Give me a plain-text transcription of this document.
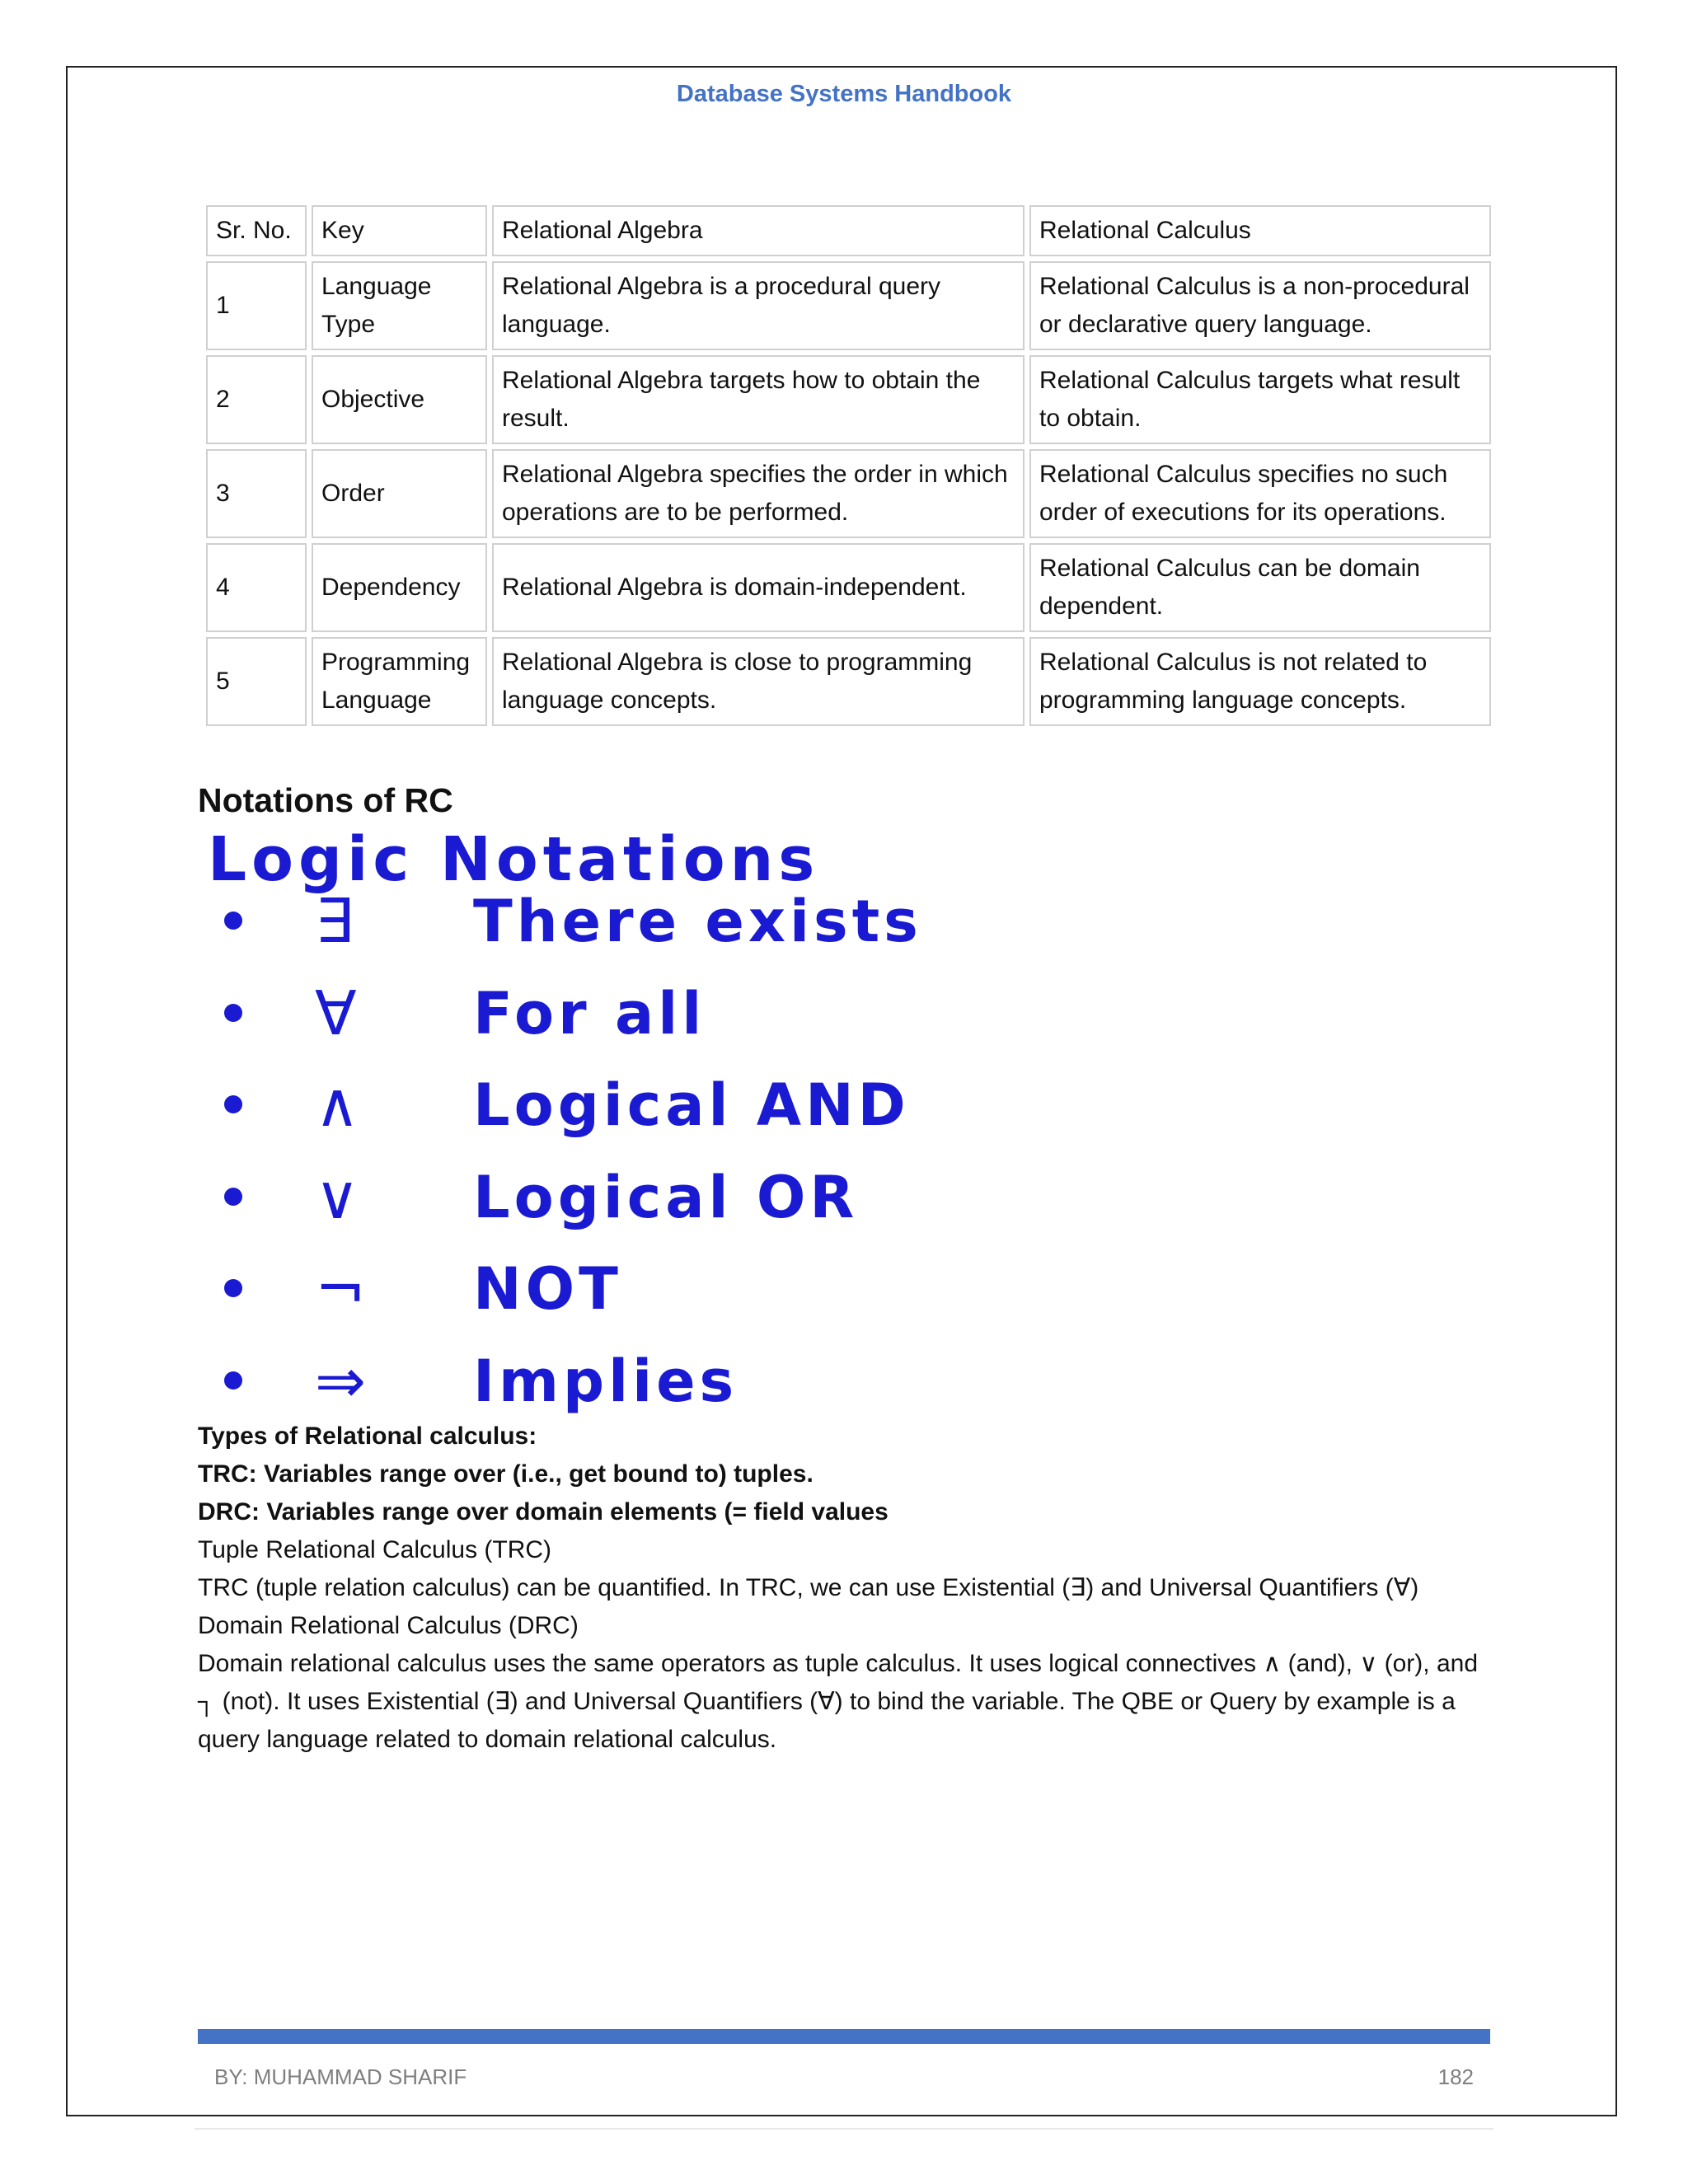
Database Systems Handbook
Sr. No.	Key	Relational Algebra	Relational Calculus
1	Language Type	Relational Algebra is a procedural query language.	Relational Calculus is a non-procedural or declarative query language.
2	Objective	Relational Algebra targets how to obtain the result.	Relational Calculus targets what result to obtain.
3	Order	Relational Algebra specifies the order in which operations are to be performed.	Relational Calculus specifies no such order of executions for its operations.
4	Dependency	Relational Algebra is domain-independent.	Relational Calculus can be domain dependent.
5	Programming Language	Relational Algebra is close to programming language concepts.	Relational Calculus is not related to programming language concepts.
Notations of RC
Logic Notations
∃	There exists
∀	For all
∧	Logical AND
∨	Logical OR
¬	NOT
⇒	Implies

Types of Relational calculus:

TRC: Variables range over (i.e., get bound to) tuples.

DRC: Variables range over domain elements (= field values

Tuple Relational Calculus (TRC)

TRC (tuple relation calculus) can be quantified. In TRC, we can use Existential (∃) and Universal Quantifiers (∀)

Domain Relational Calculus (DRC)

Domain relational calculus uses the same operators as tuple calculus. It uses logical connectives ∧ (and), ∨ (or), and ┐ (not). It uses Existential (∃) and Universal Quantifiers (∀) to bind the variable. The QBE or Query by example is a query language related to domain relational calculus.

BY: MUHAMMAD SHARIF	182
